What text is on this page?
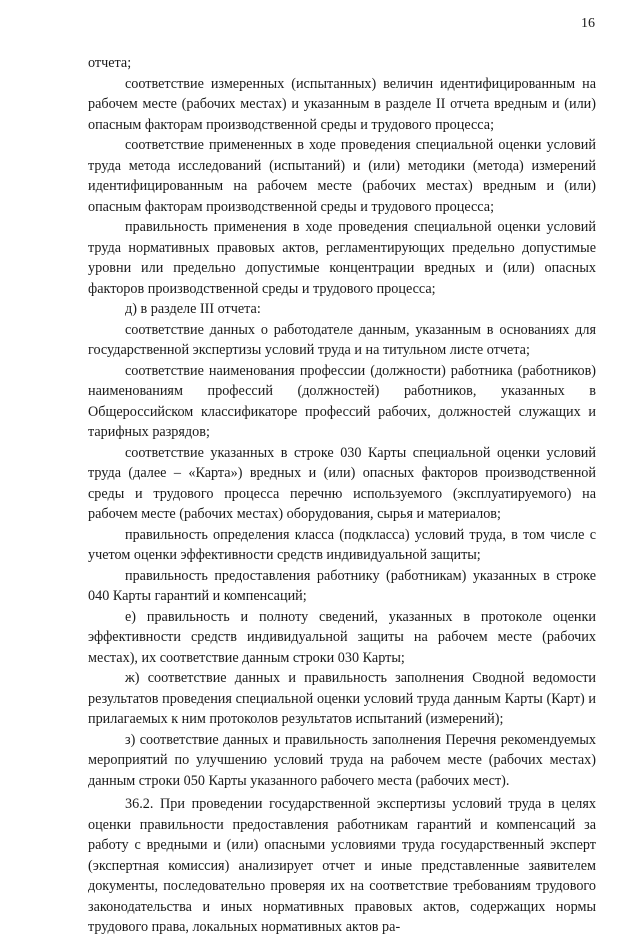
16

отчета;

соответствие измеренных (испытанных) величин идентифицированным на рабочем месте (рабочих местах) и указанным в разделе II отчета вредным и (или) опасным факторам производственной среды и трудового процесса;

соответствие примененных в ходе проведения специальной оценки условий труда метода исследований (испытаний) и (или) методики (метода) измерений идентифицированным на рабочем месте (рабочих местах) вредным и (или) опасным факторам производственной среды и трудового процесса;

правильность применения в ходе проведения специальной оценки условий труда нормативных правовых актов, регламентирующих предельно допустимые уровни или предельно допустимые концентрации вредных и (или) опасных факторов производственной среды и трудового процесса;

д) в разделе III отчета:

соответствие данных о работодателе данным, указанным в основаниях для государственной экспертизы условий труда и на титульном листе отчета;

соответствие наименования профессии (должности) работника (работников) наименованиям профессий (должностей) работников, указанных в Общероссийском классификаторе профессий рабочих, должностей служащих и тарифных разрядов;

соответствие указанных в строке 030 Карты специальной оценки условий труда (далее – «Карта») вредных и (или) опасных факторов производственной среды и трудового процесса перечню используемого (эксплуатируемого) на рабочем месте (рабочих местах) оборудования, сырья и материалов;

правильность определения класса (подкласса) условий труда, в том числе с учетом оценки эффективности средств индивидуальной защиты;

правильность предоставления работнику (работникам) указанных в строке 040 Карты гарантий и компенсаций;

е) правильность и полноту сведений, указанных в протоколе оценки эффективности средств индивидуальной защиты на рабочем месте (рабочих местах), их соответствие данным строки 030 Карты;

ж) соответствие данных и правильность заполнения Сводной ведомости результатов проведения специальной оценки условий труда данным Карты (Карт) и прилагаемых к ним протоколов результатов испытаний (измерений);

з) соответствие данных и правильность заполнения Перечня рекомендуемых мероприятий по улучшению условий труда на рабочем месте (рабочих местах) данным строки 050 Карты указанного рабочего места (рабочих мест).

36.2. При проведении государственной экспертизы условий труда в целях оценки правильности предоставления работникам гарантий и компенсаций за работу с вредными и (или) опасными условиями труда государственный эксперт (экспертная комиссия) анализирует отчет и иные представленные заявителем документы, последовательно проверяя их на соответствие требованиям трудового законодательства и иных нормативных правовых актов, содержащих нормы трудового права, локальных нормативных актов ра-
